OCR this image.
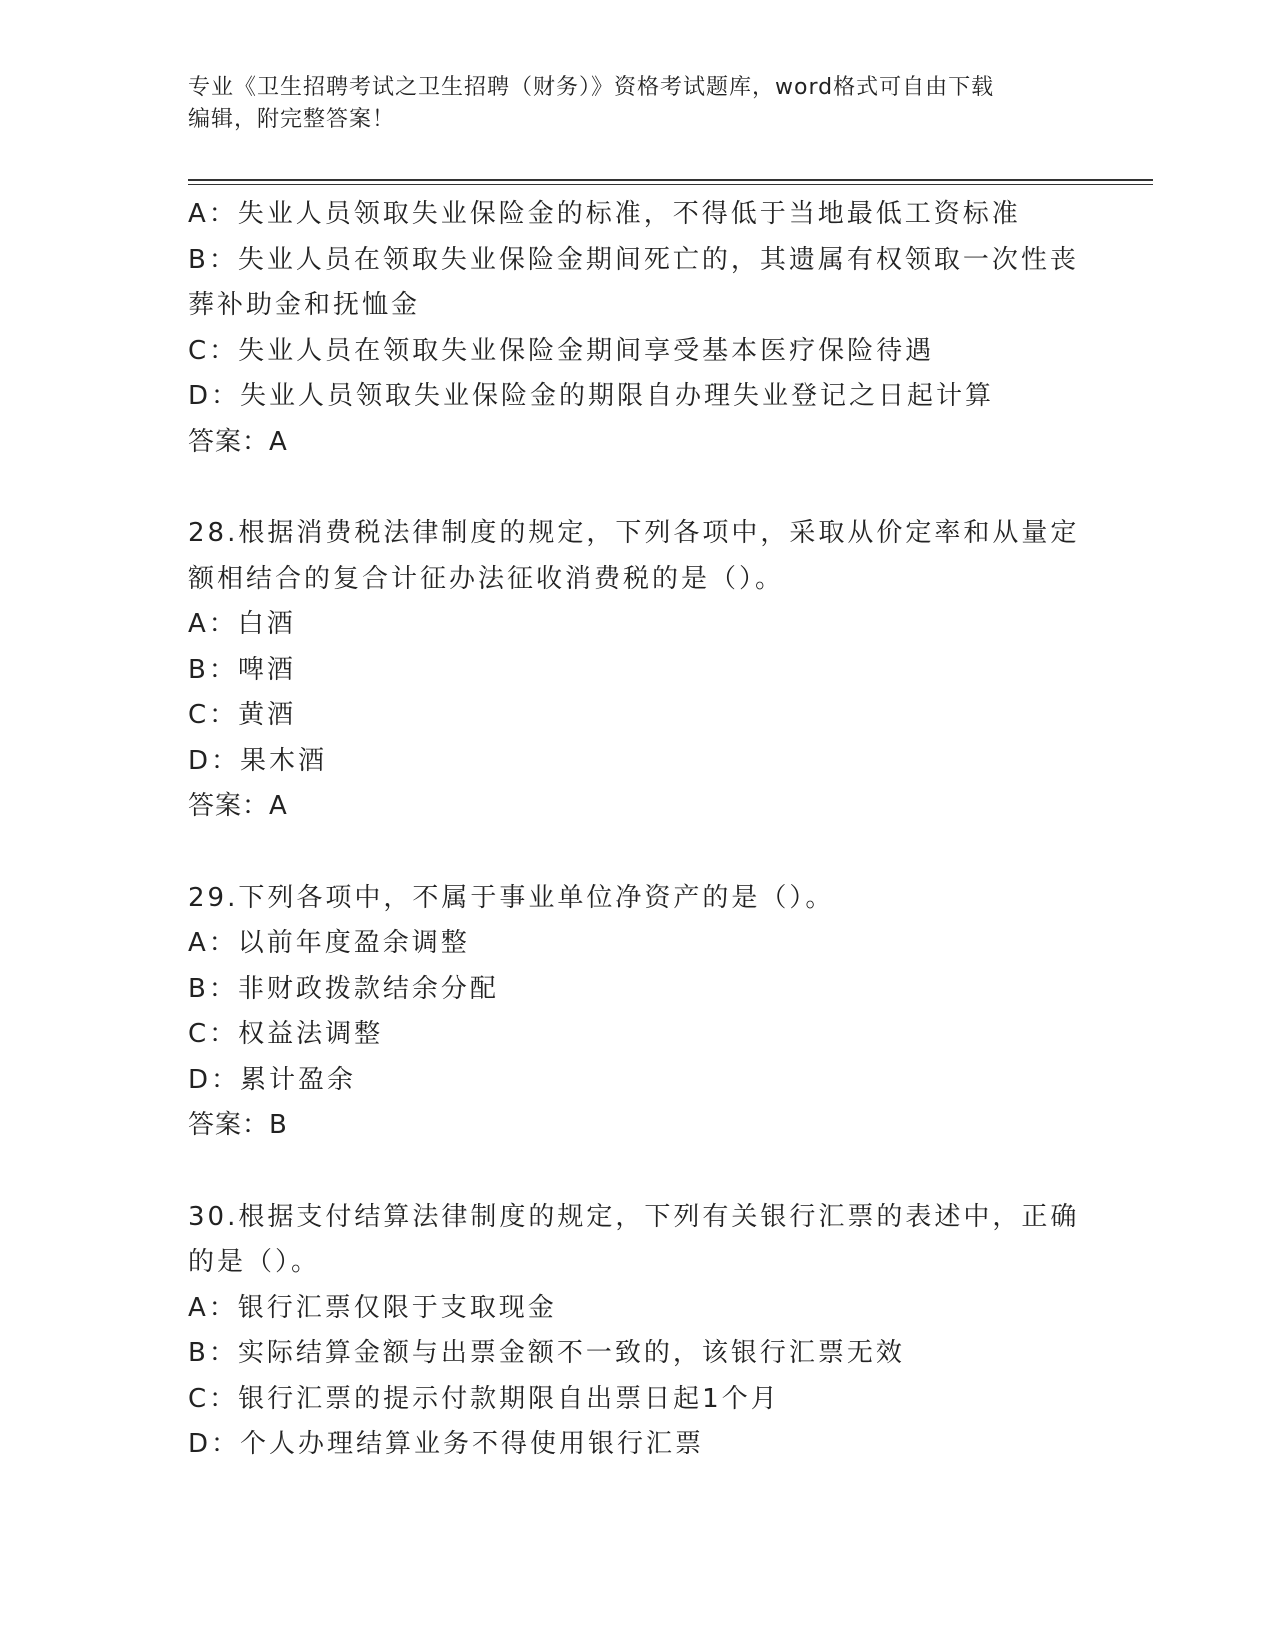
专业《卫生招聘考试之卫生招聘（财务）》资格考试题库，word格式可自由下载
编辑，附完整答案！
A：失业人员领取失业保险金的标准，不得低于当地最低工资标准
B：失业人员在领取失业保险金期间死亡的，其遗属有权领取一次性丧
葬补助金和抚恤金
C：失业人员在领取失业保险金期间享受基本医疗保险待遇
D：失业人员领取失业保险金的期限自办理失业登记之日起计算
答案：A
28.根据消费税法律制度的规定，下列各项中，采取从价定率和从量定
额相结合的复合计征办法征收消费税的是（）。
A：白酒
B：啤酒
C：黄酒
D：果木酒
答案：A
29.下列各项中，不属于事业单位净资产的是（）。
A：以前年度盈余调整
B：非财政拨款结余分配
C：权益法调整
D：累计盈余
答案：B
30.根据支付结算法律制度的规定，下列有关银行汇票的表述中，正确
的是（）。
A：银行汇票仅限于支取现金
B：实际结算金额与出票金额不一致的，该银行汇票无效
C：银行汇票的提示付款期限自出票日起1个月
D：个人办理结算业务不得使用银行汇票
